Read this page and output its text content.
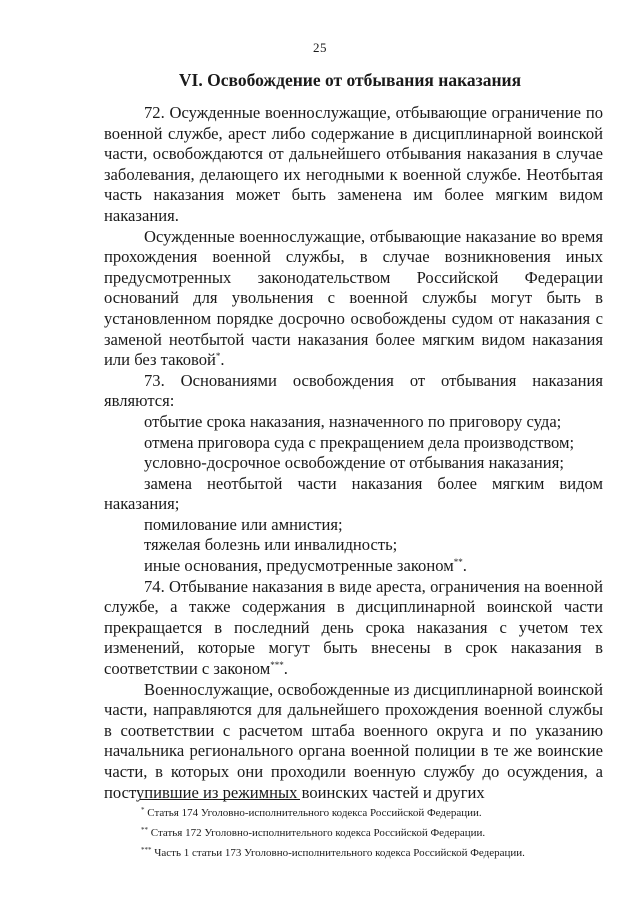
25
VI. Освобождение от отбывания наказания

72. Осужденные военнослужащие, отбывающие ограничение по военной службе, арест либо содержание в дисциплинарной воинской части, освобождаются от дальнейшего отбывания наказания в случае заболевания, делающего их негодными к военной службе. Неотбытая часть наказания может быть заменена им более мягким видом наказания.

Осужденные военнослужащие, отбывающие наказание во время прохождения военной службы, в случае возникновения иных предусмотренных законодательством Российской Федерации оснований для увольнения с военной службы могут быть в установленном порядке досрочно освобождены судом от наказания с заменой неотбытой части наказания более мягким видом наказания или без таковой*.

73. Основаниями освобождения от отбывания наказания являются:

отбытие срока наказания, назначенного по приговору суда;

отмена приговора суда с прекращением дела производством;

условно-досрочное освобождение от отбывания наказания;

замена неотбытой части наказания более мягким видом наказания;

помилование или амнистия;

тяжелая болезнь или инвалидность;

иные основания, предусмотренные законом**.

74. Отбывание наказания в виде ареста, ограничения на военной службе, а также содержания в дисциплинарной воинской части прекращается в последний день срока наказания с учетом тех изменений, которые могут быть внесены в срок наказания в соответствии с законом***.

Военнослужащие, освобожденные из дисциплинарной воинской части, направляются для дальнейшего прохождения военной службы в соответствии с расчетом штаба военного округа и по указанию начальника регионального органа военной полиции в те же воинские части, в которых они проходили военную службу до осуждения, а поступившие из режимных воинских частей и других

* Статья 174 Уголовно-исполнительного кодекса Российской Федерации.

** Статья 172 Уголовно-исполнительного кодекса Российской Федерации.

*** Часть 1 статьи 173 Уголовно-исполнительного кодекса Российской Федерации.
